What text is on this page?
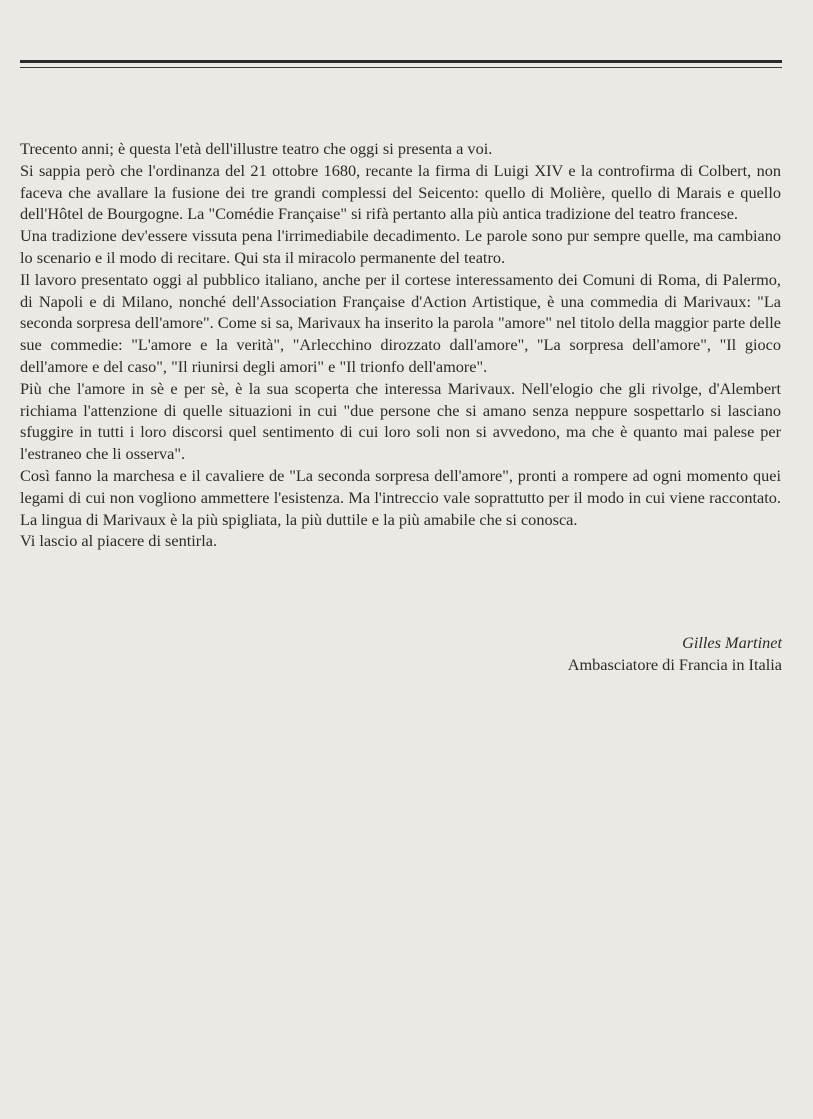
Trecento anni; è questa l'età dell'illustre teatro che oggi si presenta a voi.

Si sappia però che l'ordinanza del 21 ottobre 1680, recante la firma di Luigi XIV e la controfirma di Colbert, non faceva che avallare la fusione dei tre grandi complessi del Seicento: quello di Molière, quello di Marais e quello dell'Hôtel de Bourgogne. La "Comédie Française" si rifà pertanto alla più antica tradizione del teatro francese.

Una tradizione dev'essere vissuta pena l'irrimediabile decadimento. Le parole sono pur sempre quelle, ma cambiano lo scenario e il modo di recitare. Qui sta il miracolo permanente del teatro.

Il lavoro presentato oggi al pubblico italiano, anche per il cortese interessamento dei Comuni di Roma, di Palermo, di Napoli e di Milano, nonché dell'Association Française d'Action Artistique, è una commedia di Marivaux: "La seconda sorpresa dell'amore". Come si sa, Marivaux ha inserito la parola "amore" nel titolo della maggior parte delle sue commedie: "L'amore e la verità", "Arlecchino dirozzato dall'amore", "La sorpresa dell'amore", "Il gioco dell'amore e del caso", "Il riunirsi degli amori" e "Il trionfo dell'amore".

Più che l'amore in sè e per sè, è la sua scoperta che interessa Marivaux. Nell'elogio che gli rivolge, d'Alembert richiama l'attenzione di quelle situazioni in cui "due persone che si amano senza neppure sospettarlo si lasciano sfuggire in tutti i loro discorsi quel sentimento di cui loro soli non si avvedono, ma che è quanto mai palese per l'estraneo che li osserva".

Così fanno la marchesa e il cavaliere de "La seconda sorpresa dell'amore", pronti a rompere ad ogni momento quei legami di cui non vogliono ammettere l'esistenza. Ma l'intreccio vale soprattutto per il modo in cui viene raccontato. La lingua di Marivaux è la più spigliata, la più duttile e la più amabile che si conosca.

Vi lascio al piacere di sentirla.

Gilles Martinet
Ambasciatore di Francia in Italia
